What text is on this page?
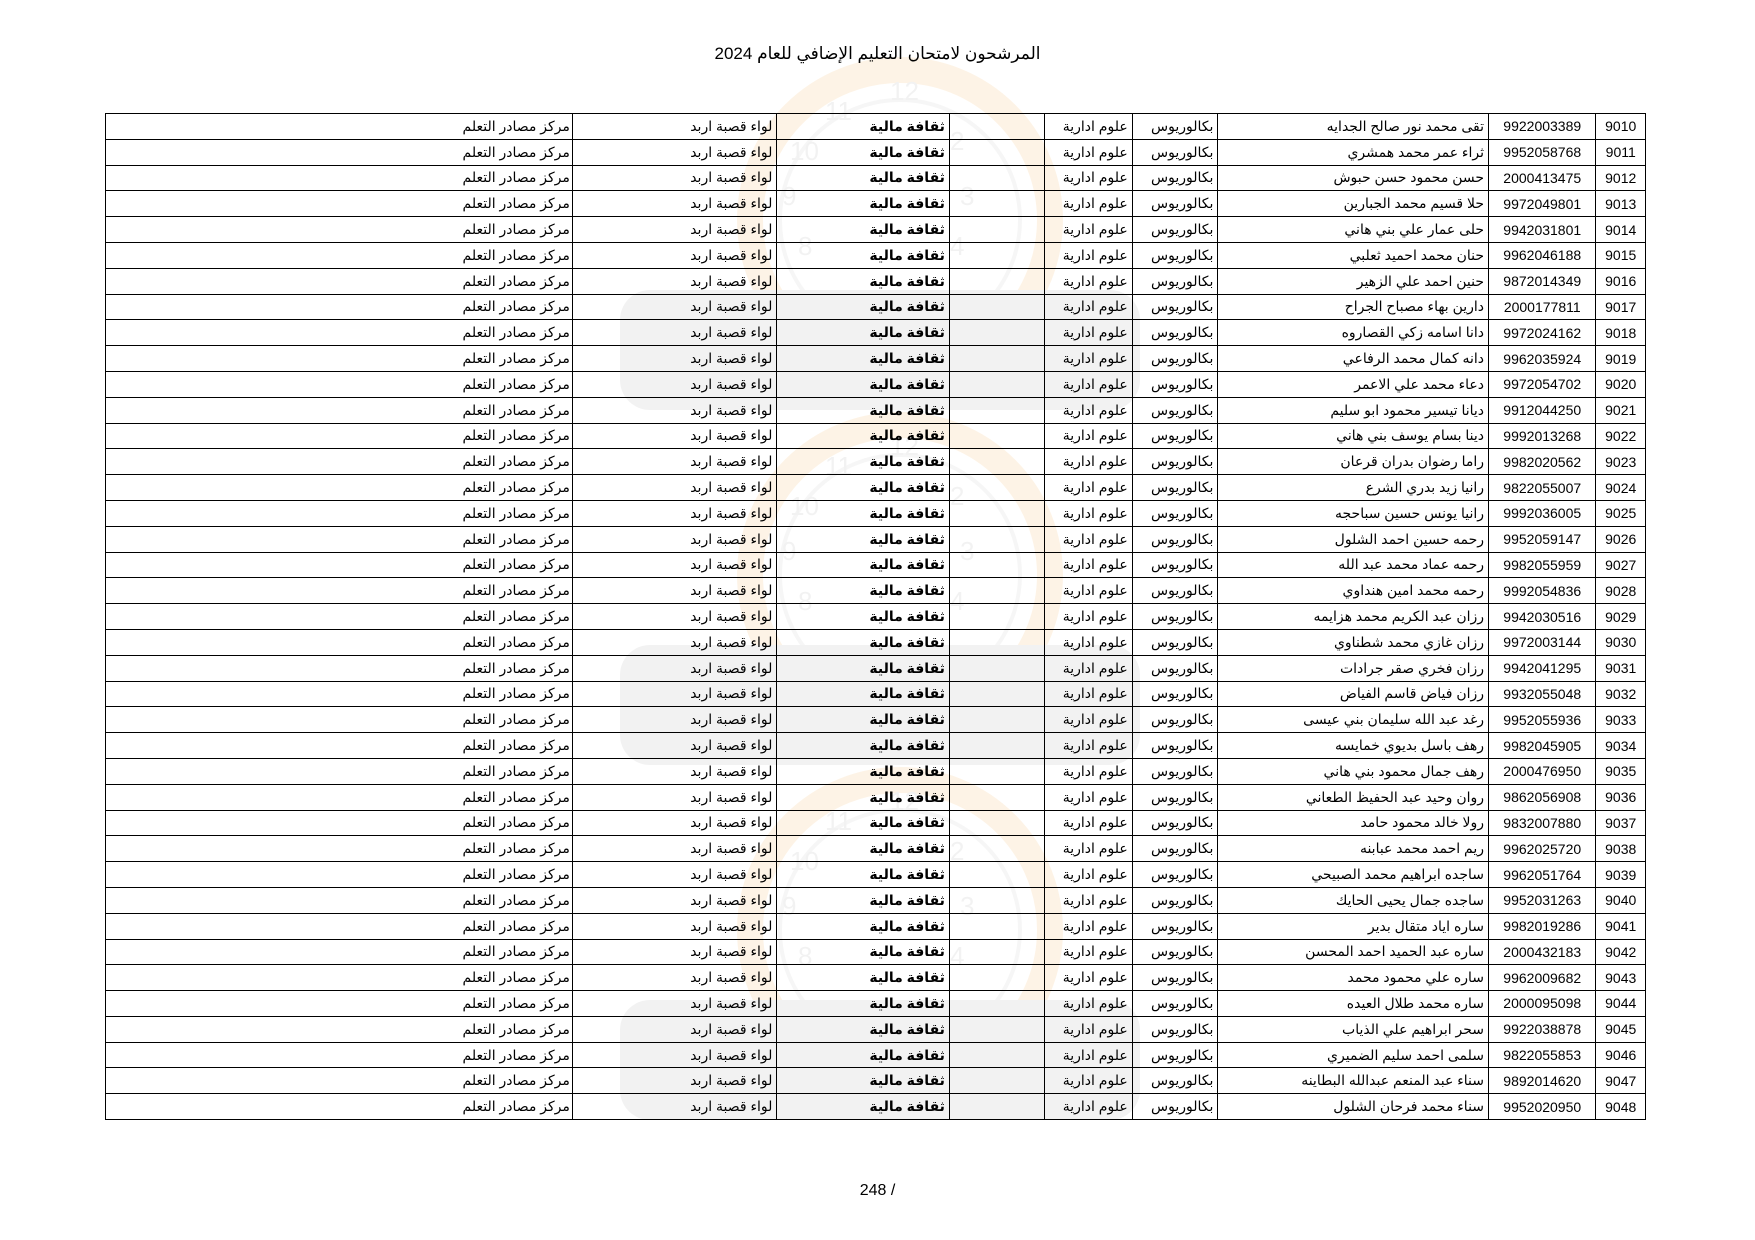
12
11
10
9
8
2
3
4
المرشحون لامتحان التعليم الإضافي للعام 2024
9010	9922003389	تقى محمد نور صالح الجدايه	بكالوريوس	علوم ادارية		ثقافة مالية	لواء قصبة اربد	مركز مصادر التعلم
9011	9952058768	ثراء عمر محمد همشري	بكالوريوس	علوم ادارية		ثقافة مالية	لواء قصبة اربد	مركز مصادر التعلم
9012	2000413475	حسن محمود حسن حبوش	بكالوريوس	علوم ادارية		ثقافة مالية	لواء قصبة اربد	مركز مصادر التعلم
9013	9972049801	حلا قسيم محمد الجبارين	بكالوريوس	علوم ادارية		ثقافة مالية	لواء قصبة اربد	مركز مصادر التعلم
9014	9942031801	حلى عمار علي بني هاني	بكالوريوس	علوم ادارية		ثقافة مالية	لواء قصبة اربد	مركز مصادر التعلم
9015	9962046188	حنان محمد احميد ثعلبي	بكالوريوس	علوم ادارية		ثقافة مالية	لواء قصبة اربد	مركز مصادر التعلم
9016	9872014349	حنين احمد علي الزهير	بكالوريوس	علوم ادارية		ثقافة مالية	لواء قصبة اربد	مركز مصادر التعلم
9017	2000177811	دارين بهاء مصباح الجراح	بكالوريوس	علوم ادارية		ثقافة مالية	لواء قصبة اربد	مركز مصادر التعلم
9018	9972024162	دانا اسامه زكي القصاروه	بكالوريوس	علوم ادارية		ثقافة مالية	لواء قصبة اربد	مركز مصادر التعلم
9019	9962035924	دانه كمال محمد الرفاعي	بكالوريوس	علوم ادارية		ثقافة مالية	لواء قصبة اربد	مركز مصادر التعلم
9020	9972054702	دعاء محمد علي الاعمر	بكالوريوس	علوم ادارية		ثقافة مالية	لواء قصبة اربد	مركز مصادر التعلم
9021	9912044250	ديانا تيسير محمود ابو سليم	بكالوريوس	علوم ادارية		ثقافة مالية	لواء قصبة اربد	مركز مصادر التعلم
9022	9992013268	دينا بسام يوسف بني هاني	بكالوريوس	علوم ادارية		ثقافة مالية	لواء قصبة اربد	مركز مصادر التعلم
9023	9982020562	راما رضوان بدران قرعان	بكالوريوس	علوم ادارية		ثقافة مالية	لواء قصبة اربد	مركز مصادر التعلم
9024	9822055007	رانيا زيد بدري الشرع	بكالوريوس	علوم ادارية		ثقافة مالية	لواء قصبة اربد	مركز مصادر التعلم
9025	9992036005	رانيا يونس حسين سباحجه	بكالوريوس	علوم ادارية		ثقافة مالية	لواء قصبة اربد	مركز مصادر التعلم
9026	9952059147	رحمه حسين احمد الشلول	بكالوريوس	علوم ادارية		ثقافة مالية	لواء قصبة اربد	مركز مصادر التعلم
9027	9982055959	رحمه عماد محمد عبد الله	بكالوريوس	علوم ادارية		ثقافة مالية	لواء قصبة اربد	مركز مصادر التعلم
9028	9992054836	رحمه محمد امين هنداوي	بكالوريوس	علوم ادارية		ثقافة مالية	لواء قصبة اربد	مركز مصادر التعلم
9029	9942030516	رزان عبد الكريم محمد هزايمه	بكالوريوس	علوم ادارية		ثقافة مالية	لواء قصبة اربد	مركز مصادر التعلم
9030	9972003144	رزان غازي محمد شطناوي	بكالوريوس	علوم ادارية		ثقافة مالية	لواء قصبة اربد	مركز مصادر التعلم
9031	9942041295	رزان فخري صقر جرادات	بكالوريوس	علوم ادارية		ثقافة مالية	لواء قصبة اربد	مركز مصادر التعلم
9032	9932055048	رزان فياض قاسم الفياض	بكالوريوس	علوم ادارية		ثقافة مالية	لواء قصبة اربد	مركز مصادر التعلم
9033	9952055936	رغد عبد الله سليمان بني عيسى	بكالوريوس	علوم ادارية		ثقافة مالية	لواء قصبة اربد	مركز مصادر التعلم
9034	9982045905	رهف باسل بديوي خمايسه	بكالوريوس	علوم ادارية		ثقافة مالية	لواء قصبة اربد	مركز مصادر التعلم
9035	2000476950	رهف جمال محمود بني هاني	بكالوريوس	علوم ادارية		ثقافة مالية	لواء قصبة اربد	مركز مصادر التعلم
9036	9862056908	روان وحيد عبد الحفيظ الطعاني	بكالوريوس	علوم ادارية		ثقافة مالية	لواء قصبة اربد	مركز مصادر التعلم
9037	9832007880	رولا خالد محمود حامد	بكالوريوس	علوم ادارية		ثقافة مالية	لواء قصبة اربد	مركز مصادر التعلم
9038	9962025720	ريم احمد محمد عبابنه	بكالوريوس	علوم ادارية		ثقافة مالية	لواء قصبة اربد	مركز مصادر التعلم
9039	9962051764	ساجده ابراهيم محمد الصبيحي	بكالوريوس	علوم ادارية		ثقافة مالية	لواء قصبة اربد	مركز مصادر التعلم
9040	9952031263	ساجده جمال يحيى الحايك	بكالوريوس	علوم ادارية		ثقافة مالية	لواء قصبة اربد	مركز مصادر التعلم
9041	9982019286	ساره اياد متقال بدير	بكالوريوس	علوم ادارية		ثقافة مالية	لواء قصبة اربد	مركز مصادر التعلم
9042	2000432183	ساره عبد الحميد احمد المحسن	بكالوريوس	علوم ادارية		ثقافة مالية	لواء قصبة اربد	مركز مصادر التعلم
9043	9962009682	ساره علي محمود محمد	بكالوريوس	علوم ادارية		ثقافة مالية	لواء قصبة اربد	مركز مصادر التعلم
9044	2000095098	ساره محمد طلال العيده	بكالوريوس	علوم ادارية		ثقافة مالية	لواء قصبة اربد	مركز مصادر التعلم
9045	9922038878	سحر ابراهيم علي الذياب	بكالوريوس	علوم ادارية		ثقافة مالية	لواء قصبة اربد	مركز مصادر التعلم
9046	9822055853	سلمى احمد سليم الضميري	بكالوريوس	علوم ادارية		ثقافة مالية	لواء قصبة اربد	مركز مصادر التعلم
9047	9892014620	سناء عبد المنعم عبدالله البطاينه	بكالوريوس	علوم ادارية		ثقافة مالية	لواء قصبة اربد	مركز مصادر التعلم
9048	9952020950	سناء محمد فرحان الشلول	بكالوريوس	علوم ادارية		ثقافة مالية	لواء قصبة اربد	مركز مصادر التعلم
248 /
